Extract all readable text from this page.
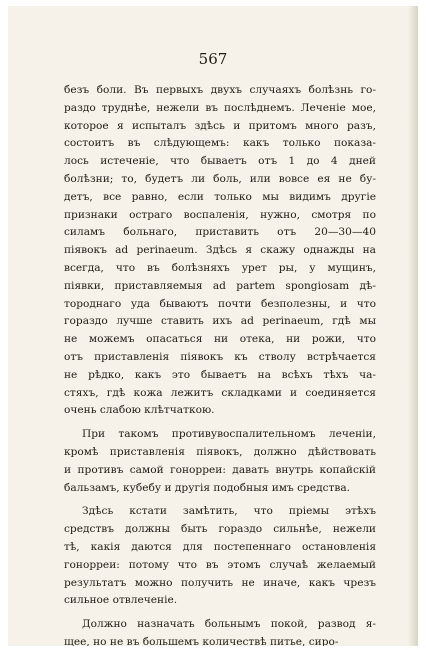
567
безъ боли. Въ первыхъ двухъ случаяхъ болѣзнь го-
раздо труднѣе, нежели въ послѣднемъ. Леченіе мое,
которое я испыталъ здѣсь и притомъ много разъ,
состоитъ въ слѣдующемъ: какъ только показа-
лось истеченіе, что бываетъ отъ 1 до 4 дней
болѣзни; то, будетъ ли боль, или вовсе ея не бу-
детъ, все равно, если только мы видимъ другіе
признаки остраго воспаленія, нужно, смотря по
силамъ больнаго, приставить отъ 20—30—40
піявокъ ad perinaeum. Здѣсь я скажу однажды на
всегда, что въ болѣзняхъ урет ры, у мущинъ,
піявки, приставляемыя ad partem spongiosam дѣ-
тороднаго уда бываютъ почти безполезны, и что
гораздо лучше ставить ихъ ad perinaeum, гдѣ мы
не можемъ опасаться ни отека, ни рожи, что
отъ приставленія піявокъ къ стволу встрѣчается
не рѣдко, какъ это бываетъ на всѣхъ тѣхъ ча-
стяхъ, гдѣ кожа лежитъ складками и соединяется
очень слабою клѣтчаткою.
При такомъ противувоспалительномъ леченіи,
кромѣ приставленія піявокъ, должно дѣйствовать
и противъ самой гонорреи: давать внутрь копайскій
бальзамъ, кубебу и другія подобныя имъ средства.
Здѣсь кстати замѣтить, что пріемы этѣхъ
средствъ должны быть гораздо сильнѣе, нежели
тѣ, какія даются для постепеннаго остановленія
гонорреи: потому что въ этомъ случаѣ желаемый
результатъ можно получить не иначе, какъ чрезъ
сильное отвлеченіе.
Должно назначать больнымъ покой, развод я-
щее, но не въ большемъ количествѣ питье, сиро-
